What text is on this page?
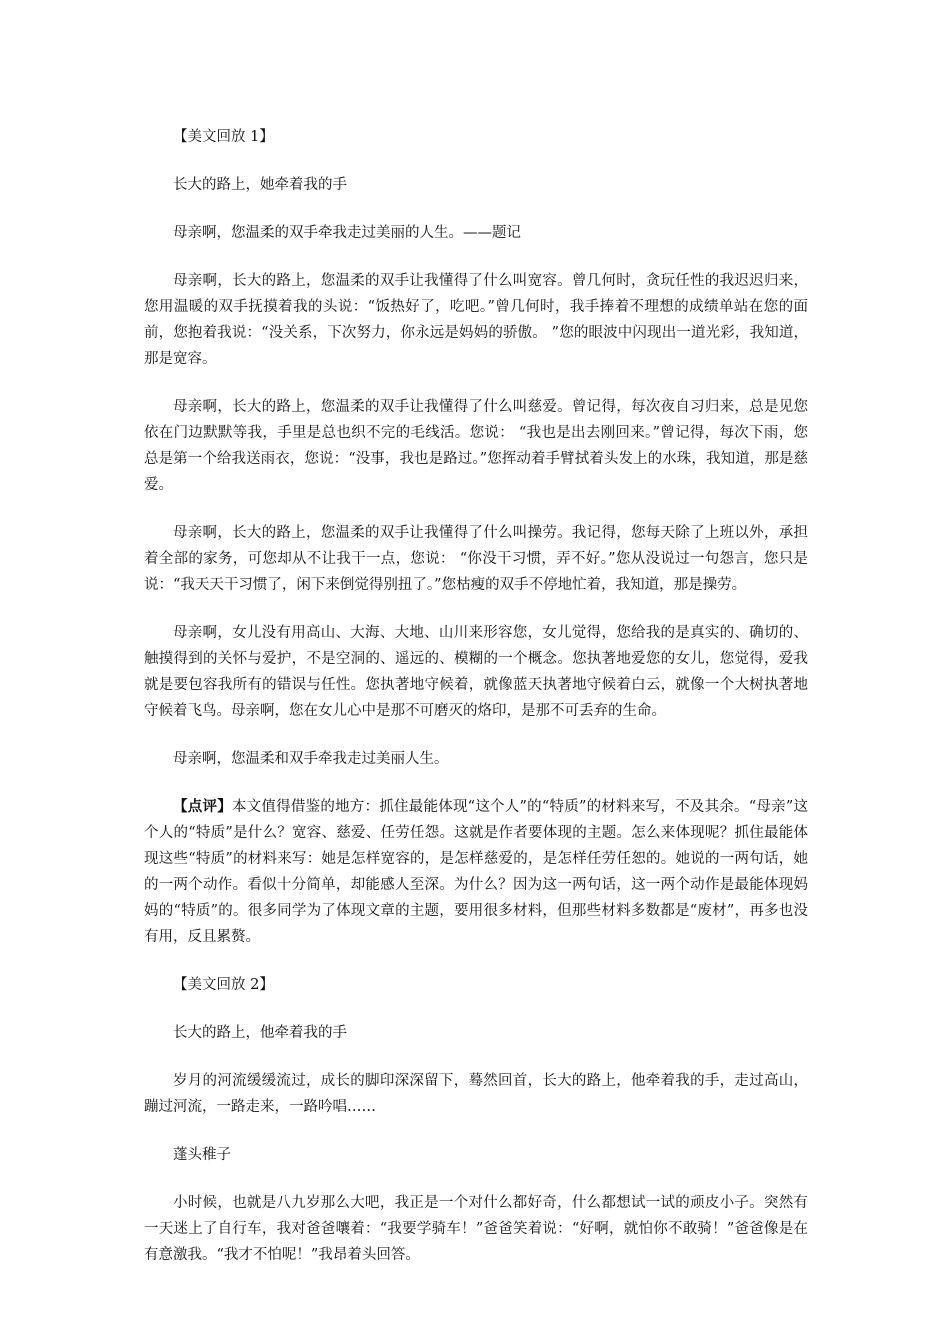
【美文回放 1】

长大的路上，她牵着我的手

母亲啊，您温柔的双手牵我走过美丽的人生。——题记

母亲啊，长大的路上，您温柔的双手让我懂得了什么叫宽容。曾几何时，贪玩任性的我迟迟归来，您用温暖的双手抚摸着我的头说：“饭热好了，吃吧。”曾几何时，我手捧着不理想的成绩单站在您的面前，您抱着我说：“没关系，下次努力，你永远是妈妈的骄傲。 ”您的眼波中闪现出一道光彩，我知道，那是宽容。

母亲啊，长大的路上，您温柔的双手让我懂得了什么叫慈爱。曾记得，每次夜自习归来，总是见您依在门边默默等我，手里是总也织不完的毛线活。您说： “我也是出去刚回来。”曾记得，每次下雨，您总是第一个给我送雨衣，您说：“没事，我也是路过。”您挥动着手臂拭着头发上的水珠，我知道，那是慈爱。

母亲啊，长大的路上，您温柔的双手让我懂得了什么叫操劳。我记得，您每天除了上班以外，承担着全部的家务，可您却从不让我干一点，您说： “你没干习惯，弄不好。”您从没说过一句怨言，您只是说：“我天天干习惯了，闲下来倒觉得别扭了。”您枯瘦的双手不停地忙着，我知道，那是操劳。

母亲啊，女儿没有用高山、大海、大地、山川来形容您，女儿觉得，您给我的是真实的、确切的、触摸得到的关怀与爱护，不是空洞的、遥远的、模糊的一个概念。您执著地爱您的女儿，您觉得，爱我就是要包容我所有的错误与任性。您执著地守候着，就像蓝天执著地守候着白云，就像一个大树执著地守候着飞鸟。母亲啊，您在女儿心中是那不可磨灭的烙印，是那不可丢弃的生命。

母亲啊，您温柔和双手牵我走过美丽人生。

【点评】本文值得借鉴的地方：抓住最能体现“这个人”的“特质”的材料来写，不及其余。“母亲”这个人的“特质”是什么？宽容、慈爱、任劳任怨。这就是作者要体现的主题。怎么来体现呢？抓住最能体现这些“特质”的材料来写：她是怎样宽容的，是怎样慈爱的，是怎样任劳任恕的。她说的一两句话，她的一两个动作。看似十分简单，却能感人至深。为什么？因为这一两句话，这一两个动作是最能体现妈妈的“特质”的。很多同学为了体现文章的主题，要用很多材料，但那些材料多数都是“废材”，再多也没有用，反且累赘。

【美文回放 2】

长大的路上，他牵着我的手

岁月的河流缓缓流过，成长的脚印深深留下，蓦然回首，长大的路上，他牵着我的手，走过高山，蹦过河流，一路走来，一路吟唱……

蓬头稚子

小时候，也就是八九岁那么大吧，我正是一个对什么都好奇，什么都想试一试的顽皮小子。突然有一天迷上了自行车，我对爸爸嚷着：“我要学骑车！”爸爸笑着说：“好啊，就怕你不敢骑！”爸爸像是在有意激我。“我才不怕呢！”我昂着头回答。
